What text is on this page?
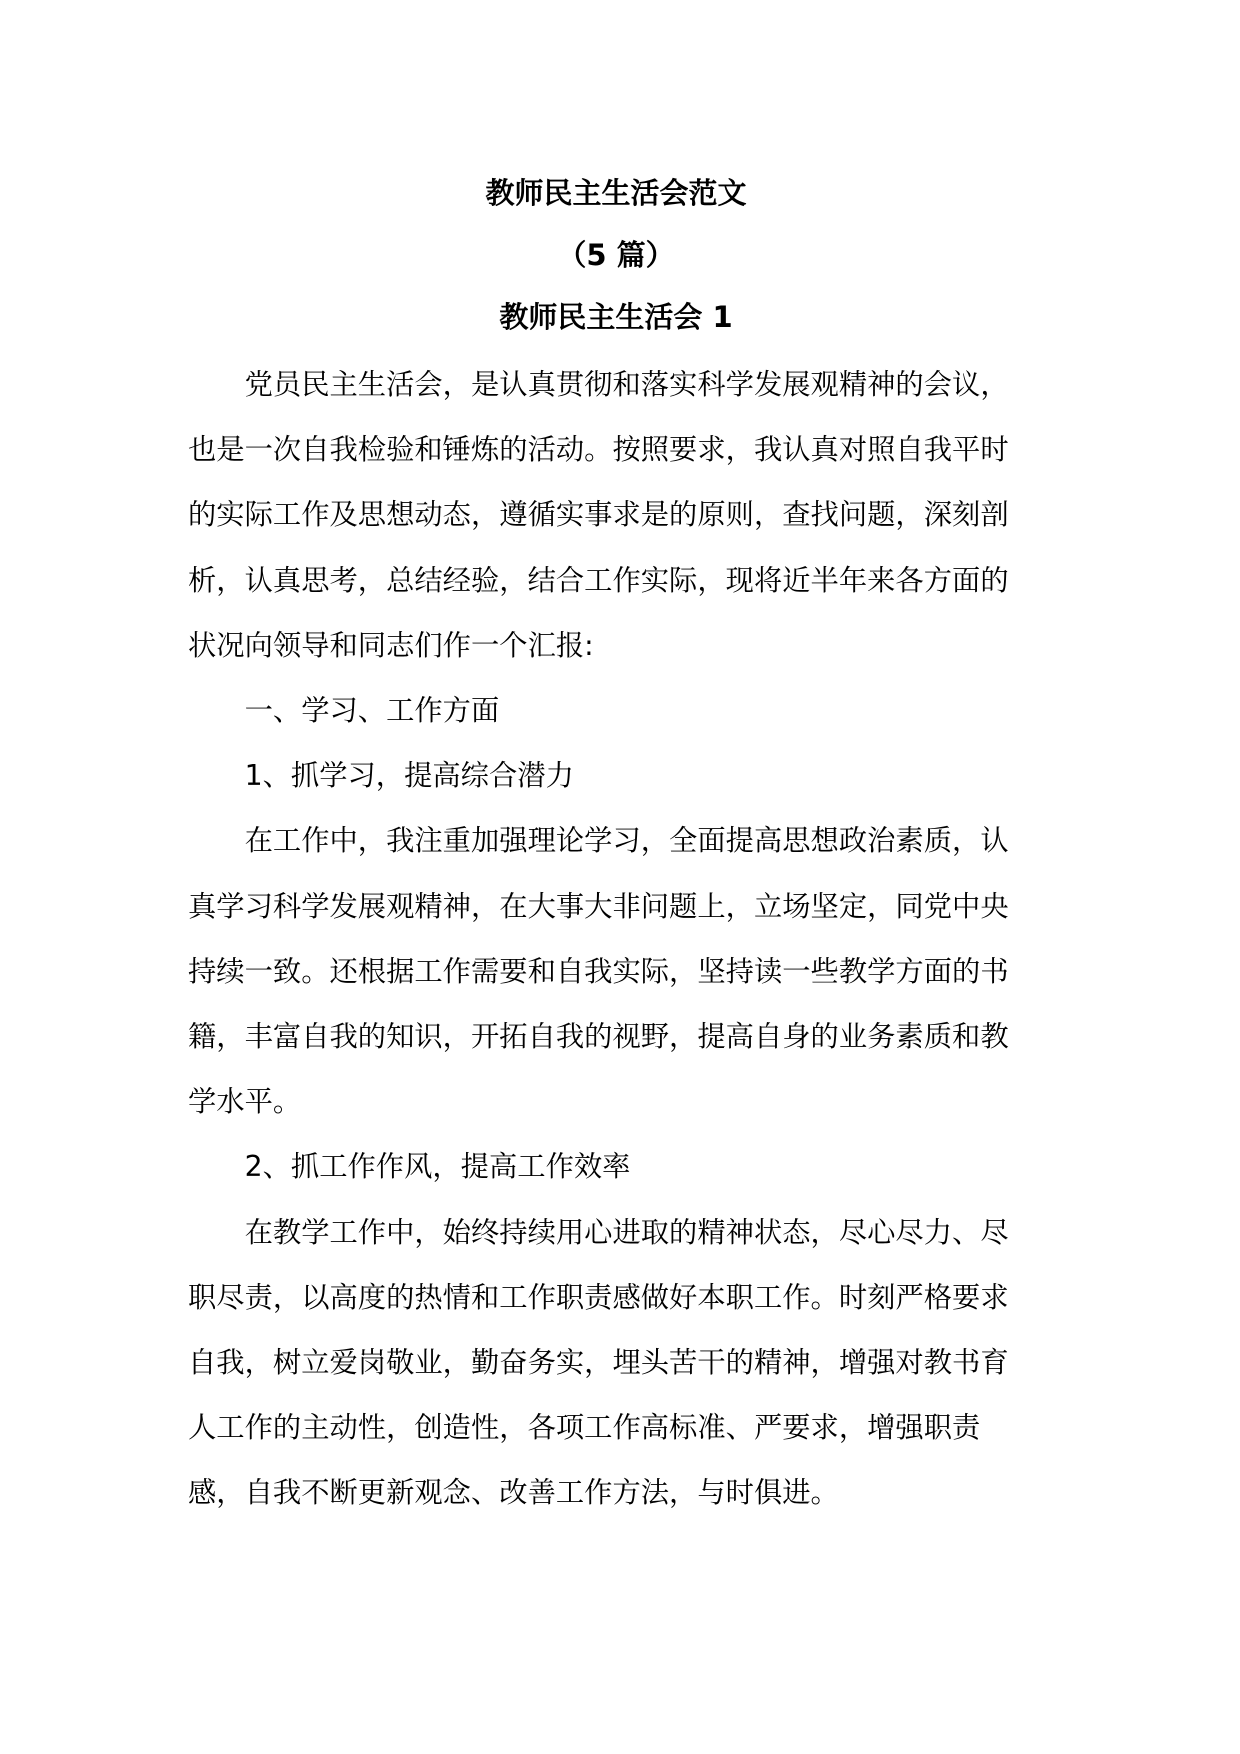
教师民主生活会范文
（5 篇）
教师民主生活会 1
党员民主生活会，是认真贯彻和落实科学发展观精神的会议，
也是一次自我检验和锤炼的活动。按照要求，我认真对照自我平时
的实际工作及思想动态，遵循实事求是的原则，查找问题，深刻剖
析，认真思考，总结经验，结合工作实际，现将近半年来各方面的
状况向领导和同志们作一个汇报:
一、学习、工作方面
1、抓学习，提高综合潜力
在工作中，我注重加强理论学习，全面提高思想政治素质，认
真学习科学发展观精神，在大事大非问题上，立场坚定，同党中央
持续一致。还根据工作需要和自我实际，坚持读一些教学方面的书
籍，丰富自我的知识，开拓自我的视野，提高自身的业务素质和教
学水平。
2、抓工作作风，提高工作效率
在教学工作中，始终持续用心进取的精神状态，尽心尽力、尽
职尽责，以高度的热情和工作职责感做好本职工作。时刻严格要求
自我，树立爱岗敬业，勤奋务实，埋头苦干的精神，增强对教书育
人工作的主动性，创造性，各项工作高标准、严要求，增强职责
感，自我不断更新观念、改善工作方法，与时俱进。
